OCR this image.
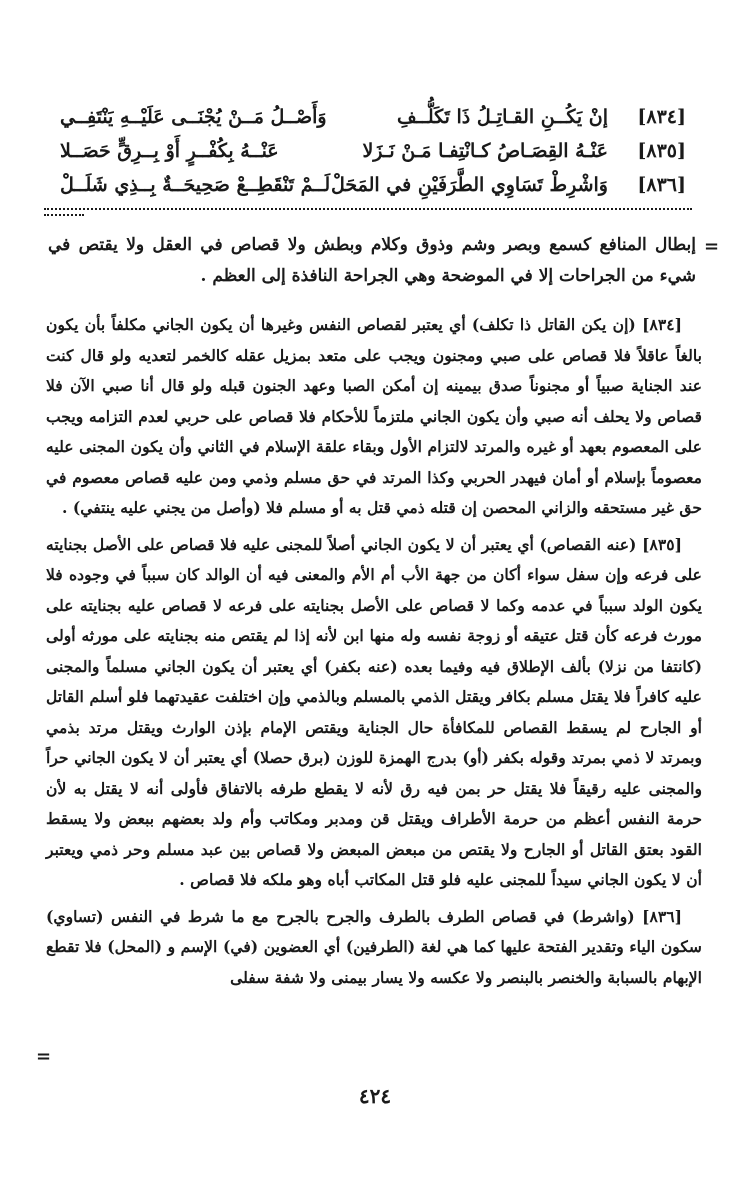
[٨٣٤]
إنْ يَكُــنِ القـاتِـلُ ذَا تَكَلُّــفِ
وَأَصْــلُ مَــنْ يُجْنَــى عَلَيْــهِ يَنْتَفِــي
[٨٣٥]
عَنْـهُ القِصَـاصُ كـانْتِفـا مَـنْ نَـزَلا
عَنْــهُ بِكُفْــرٍ أَوْ بِــرِقٍّ حَصَــلا
[٨٣٦]
وَاشْرِطْ تَسَاوِي الطَّرَفَيْنِ في المَحَلْ
لَــمْ تَنْقَطِــعْ صَحِيحَــةٌ بِــذِي شَلَــلْ
=
إبطال المنافع كسمع وبصر وشم وذوق وكلام وبطش ولا قصاص في العقل ولا يقتص في شيء من الجراحات إلا في الموضحة وهي الجراحة النافذة إلى العظم .

[٨٣٤] (إن يكن القاتل ذا تكلف) أي يعتبر لقصاص النفس وغيرها أن يكون الجاني مكلفاً بأن يكون بالغاً عاقلاً فلا قصاص على صبي ومجنون ويجب على متعد بمزيل عقله كالخمر لتعديه ولو قال كنت عند الجناية صبياً أو مجنوناً صدق بيمينه إن أمكن الصبا وعهد الجنون قبله ولو قال أنا صبي الآن فلا قصاص ولا يحلف أنه صبي وأن يكون الجاني ملتزماً للأحكام فلا قصاص على حربي لعدم التزامه ويجب على المعصوم بعهد أو غيره والمرتد لالتزام الأول وبقاء علقة الإسلام في الثاني وأن يكون المجنى عليه معصوماً بإسلام أو أمان فيهدر الحربي وكذا المرتد في حق مسلم وذمي ومن عليه قصاص معصوم في حق غير مستحقه والزاني المحصن إن قتله ذمي قتل به أو مسلم فلا (وأصل من يجني عليه ينتفي) .

[٨٣٥] (عنه القصاص) أي يعتبر أن لا يكون الجاني أصلاً للمجنى عليه فلا قصاص على الأصل بجنايته على فرعه وإن سفل سواء أكان من جهة الأب أم الأم والمعنى فيه أن الوالد كان سبباً في وجوده فلا يكون الولد سبباً في عدمه وكما لا قصاص على الأصل بجنايته على فرعه لا قصاص عليه بجنايته على مورث فرعه كأن قتل عتيقه أو زوجة نفسه وله منها ابن لأنه إذا لم يقتص منه بجنايته على مورثه أولى (كانتفا من نزلا) بألف الإطلاق فيه وفيما بعده (عنه بكفر) أي يعتبر أن يكون الجاني مسلماً والمجنى عليه كافراً فلا يقتل مسلم بكافر ويقتل الذمي بالمسلم وبالذمي وإن اختلفت عقيدتهما فلو أسلم القاتل أو الجارح لم يسقط القصاص للمكافأة حال الجناية ويقتص الإمام بإذن الوارث ويقتل مرتد بذمي وبمرتد لا ذمي بمرتد وقوله بكفر (أو) بدرج الهمزة للوزن (برق حصلا) أي يعتبر أن لا يكون الجاني حراً والمجنى عليه رقيقاً فلا يقتل حر بمن فيه رق لأنه لا يقطع طرفه بالاتفاق فأولى أنه لا يقتل به لأن حرمة النفس أعظم من حرمة الأطراف ويقتل قن ومدبر ومكاتب وأم ولد بعضهم ببعض ولا يسقط القود بعتق القاتل أو الجارح ولا يقتص من مبعض المبعض ولا قصاص بين عبد مسلم وحر ذمي ويعتبر أن لا يكون الجاني سيداً للمجنى عليه فلو قتل المكاتب أباه وهو ملكه فلا قصاص .

[٨٣٦] (واشرط) في قصاص الطرف بالطرف والجرح بالجرح مع ما شرط في النفس (تساوي) سكون الياء وتقدير الفتحة عليها كما هي لغة (الطرفين) أي العضوين (في) الإسم و (المحل) فلا تقطع الإبهام بالسبابة والخنصر بالبنصر ولا عكسه ولا يسار بيمنى ولا شفة سفلى

=
٤٢٤
